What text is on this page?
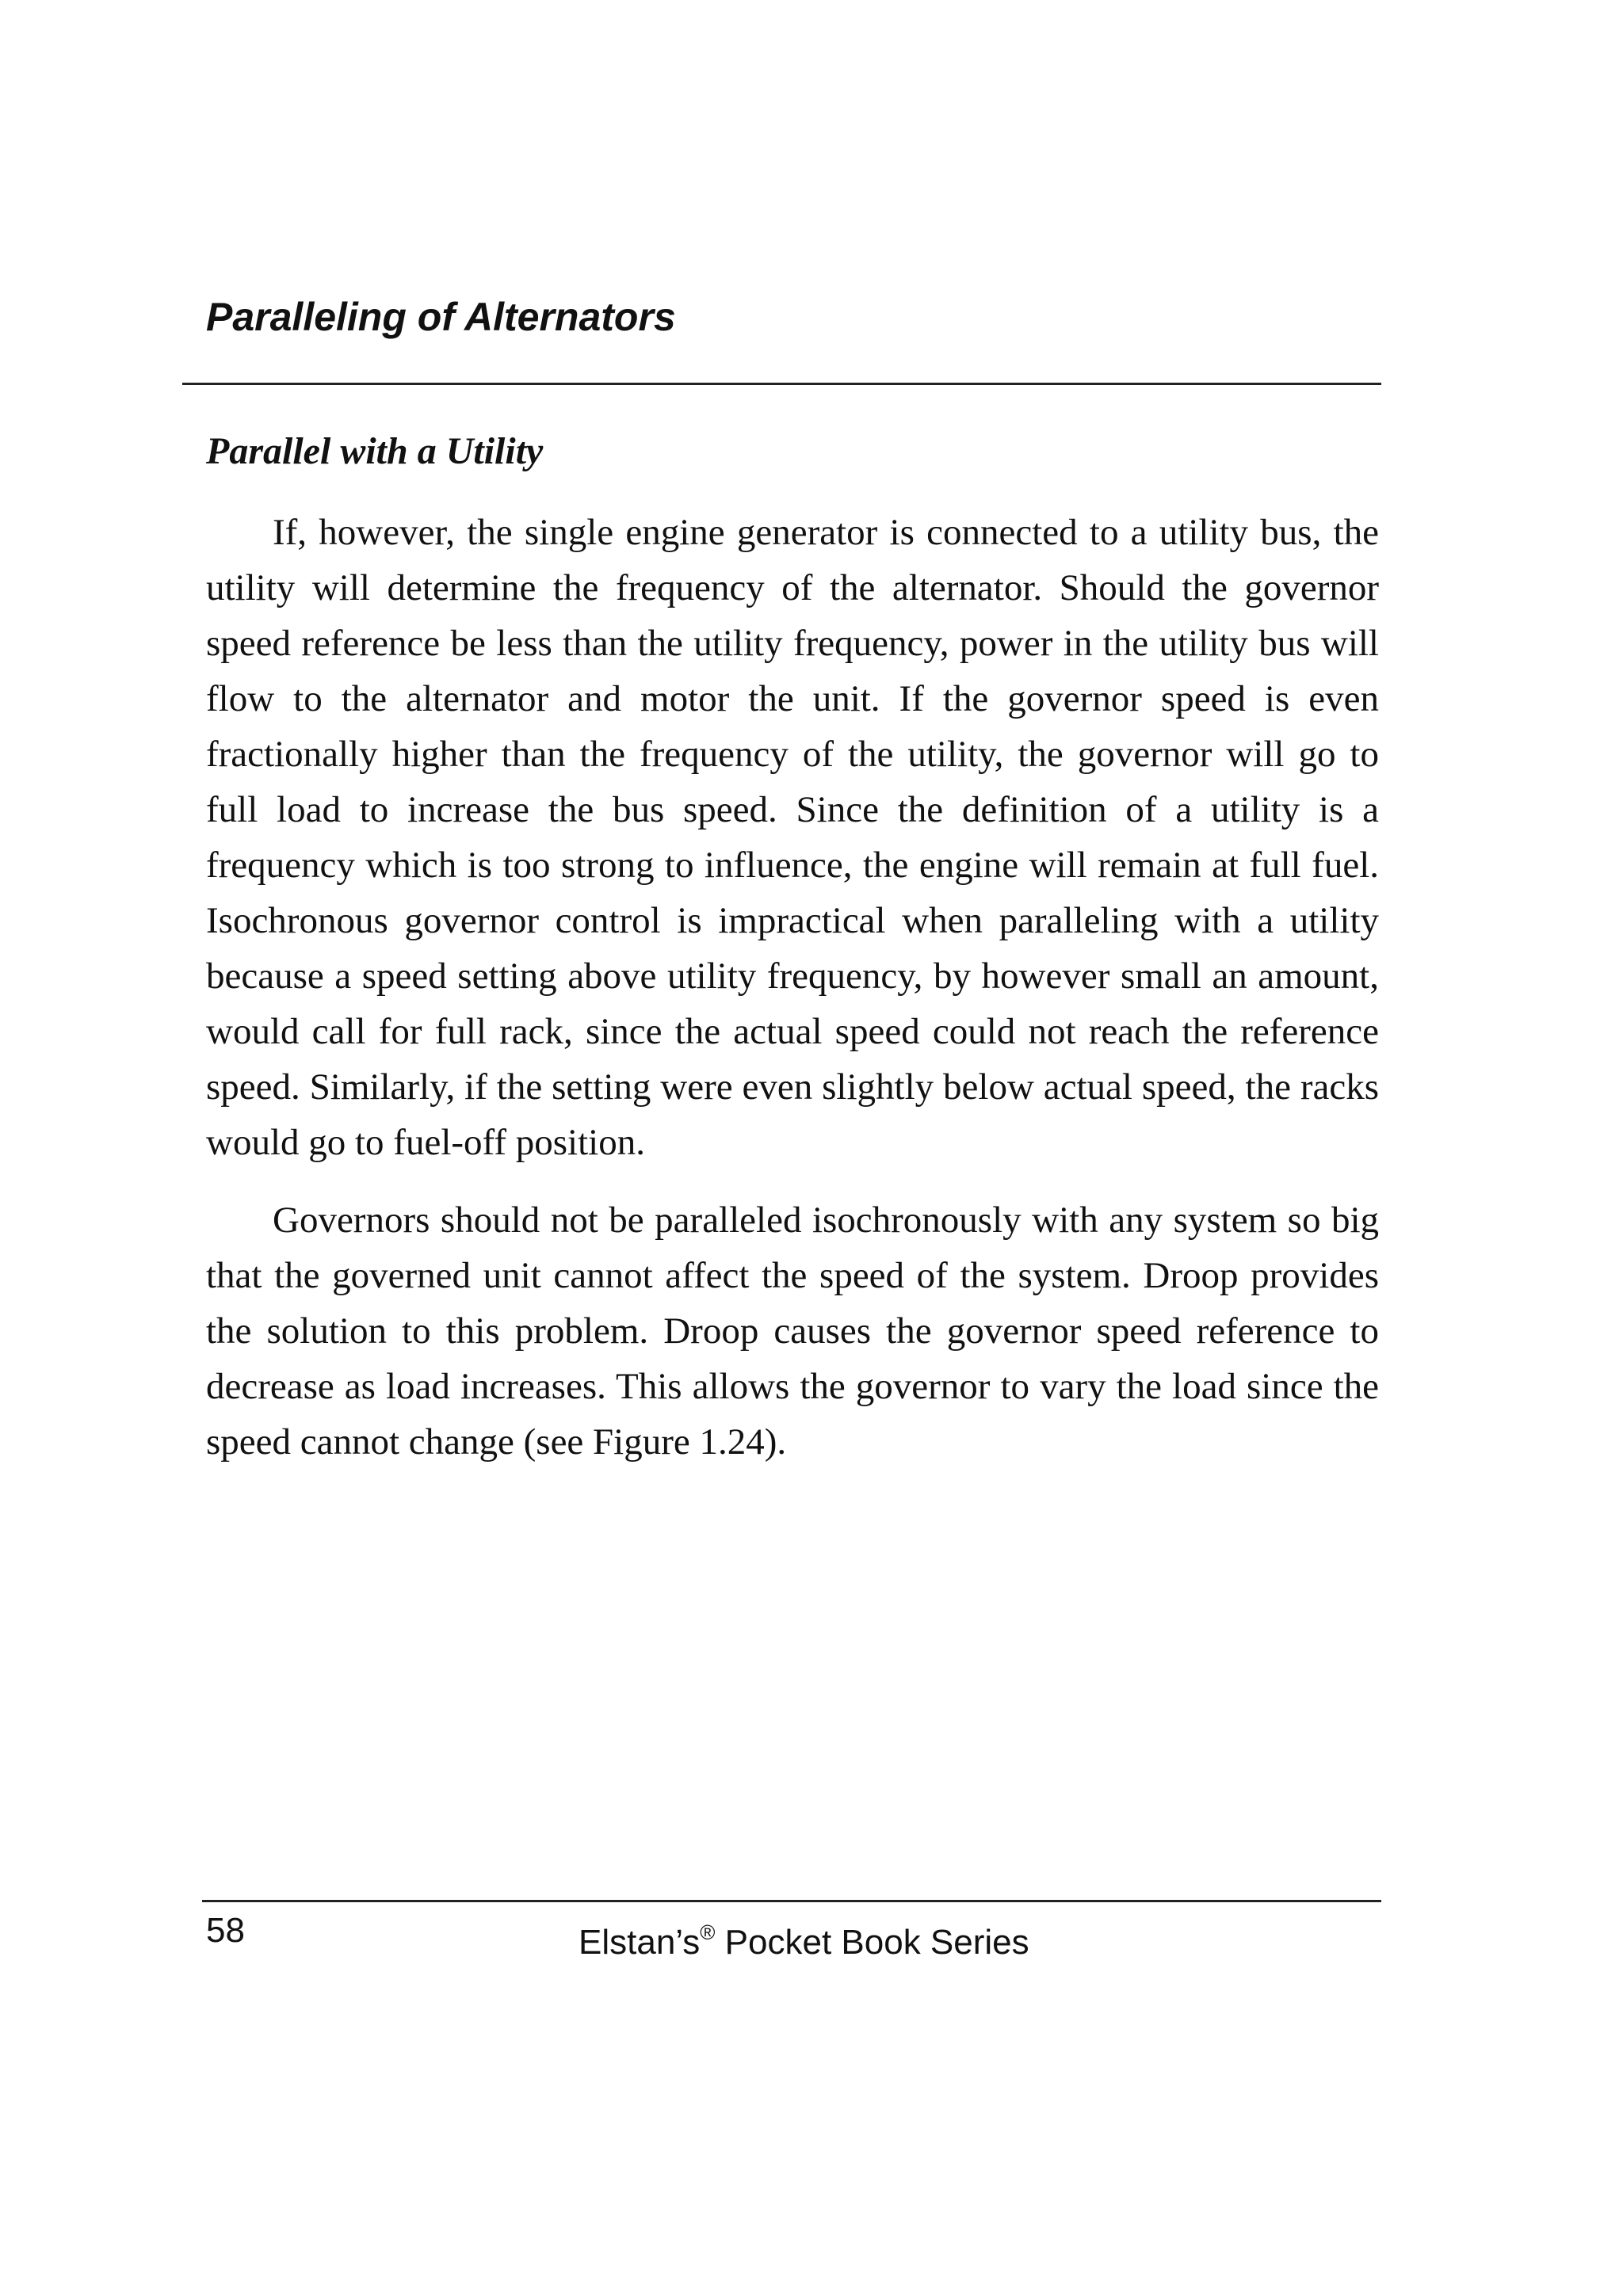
Paralleling of Alternators
Parallel with a Utility

If, however, the single engine generator is connected to a utility bus, the utility will determine the frequency of the alternator. Should the governor speed reference be less than the utility frequency, power in the utility bus will flow to the alternator and motor the unit. If the governor speed is even fractionally higher than the frequency of the utility, the governor will go to full load to increase the bus speed. Since the definition of a utility is a frequency which is too strong to influence, the engine will remain at full fuel. Isochronous governor control is impractical when paralleling with a utility because a speed setting above utility frequency, by however small an amount, would call for full rack, since the actual speed could not reach the reference speed. Similarly, if the setting were even slightly below actual speed, the racks would go to fuel-off position.

Governors should not be paralleled isochronously with any system so big that the governed unit cannot affect the speed of the system. Droop provides the solution to this problem. Droop causes the governor speed reference to decrease as load increases. This allows the governor to vary the load since the speed cannot change (see Figure 1.24).

58	Elstan’s® Pocket Book Series
